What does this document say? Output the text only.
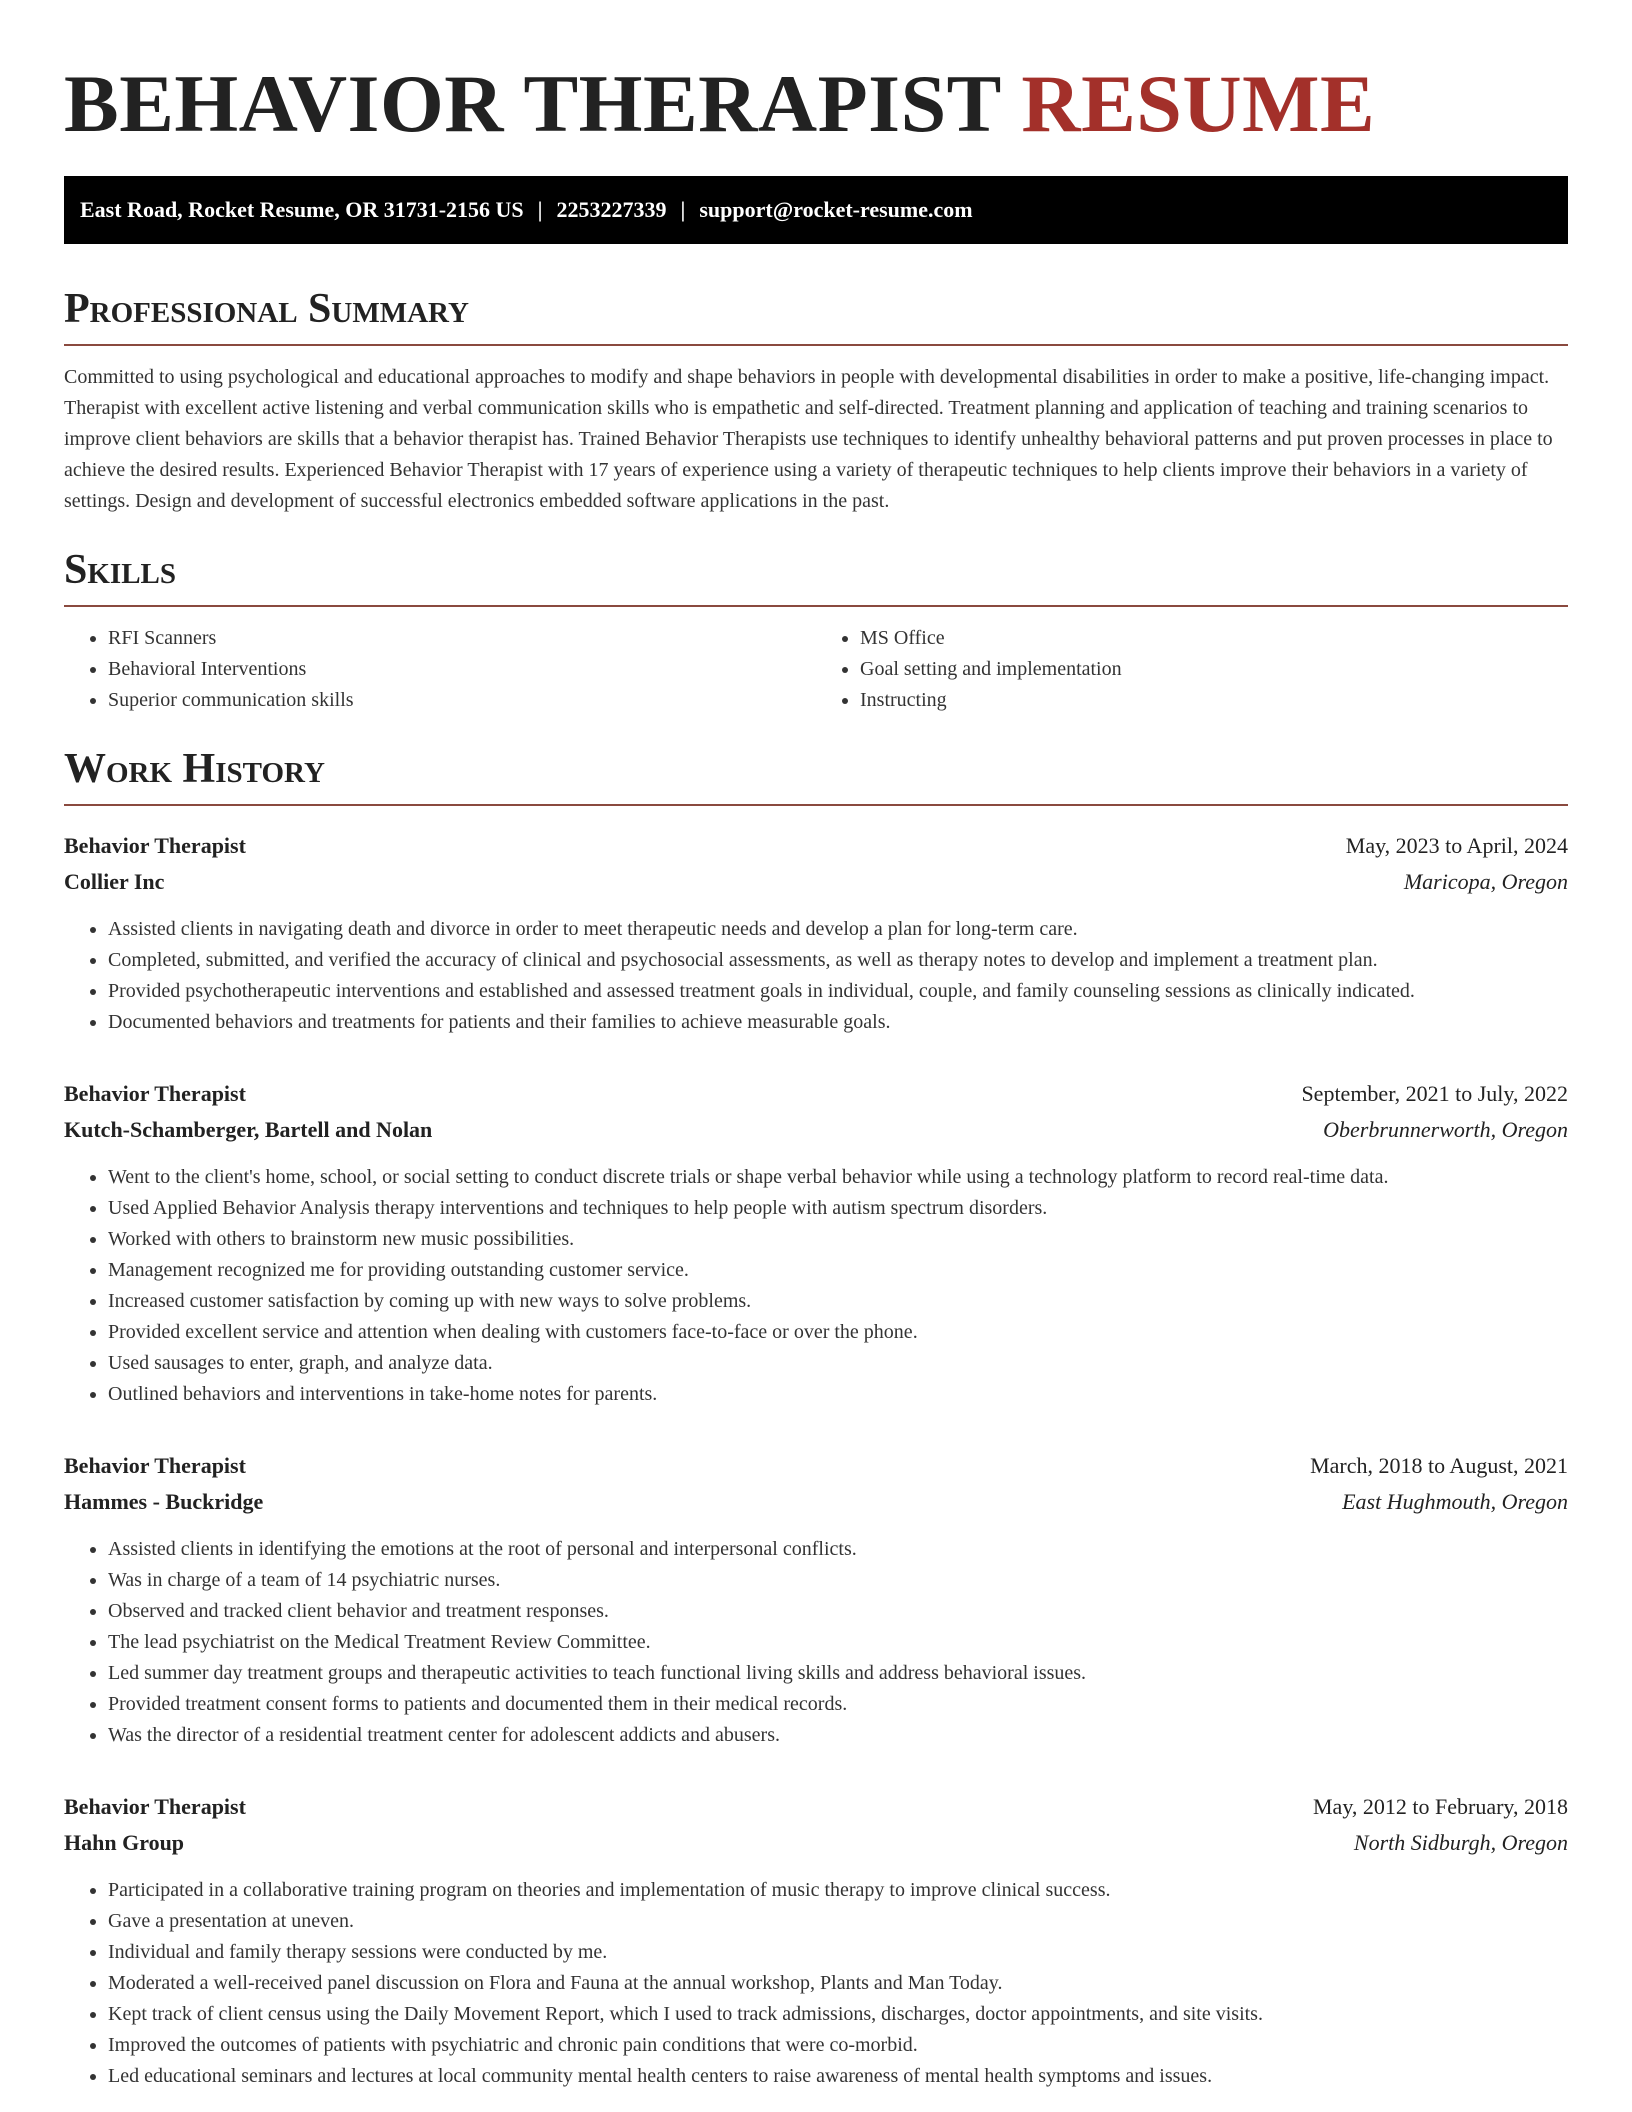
BEHAVIOR THERAPIST RESUME
East Road, Rocket Resume, OR 31731-2156 US | 2253227339 | support@rocket-resume.com
Professional Summary

Committed to using psychological and educational approaches to modify and shape behaviors in people with developmental disabilities in order to make a positive, life-changing impact. Therapist with excellent active listening and verbal communication skills who is empathetic and self-directed. Treatment planning and application of teaching and training scenarios to improve client behaviors are skills that a behavior therapist has. Trained Behavior Therapists use techniques to identify unhealthy behavioral patterns and put proven processes in place to achieve the desired results. Experienced Behavior Therapist with 17 years of experience using a variety of therapeutic techniques to help clients improve their behaviors in a variety of settings. Design and development of successful electronics embedded software applications in the past.

Skills
• RFI Scanners
• Behavioral Interventions
• Superior communication skills
• MS Office
• Goal setting and implementation
• Instructing
Work History
Behavior Therapist	May, 2023 to April, 2024
Collier Inc	Maricopa, Oregon
• Assisted clients in navigating death and divorce in order to meet therapeutic needs and develop a plan for long-term care.
• Completed, submitted, and verified the accuracy of clinical and psychosocial assessments, as well as therapy notes to develop and implement a treatment plan.
• Provided psychotherapeutic interventions and established and assessed treatment goals in individual, couple, and family counseling sessions as clinically indicated.
• Documented behaviors and treatments for patients and their families to achieve measurable goals.
Behavior Therapist	September, 2021 to July, 2022
Kutch-Schamberger, Bartell and Nolan	Oberbrunnerworth, Oregon
• Went to the client's home, school, or social setting to conduct discrete trials or shape verbal behavior while using a technology platform to record real-time data.
• Used Applied Behavior Analysis therapy interventions and techniques to help people with autism spectrum disorders.
• Worked with others to brainstorm new music possibilities.
• Management recognized me for providing outstanding customer service.
• Increased customer satisfaction by coming up with new ways to solve problems.
• Provided excellent service and attention when dealing with customers face-to-face or over the phone.
• Used sausages to enter, graph, and analyze data.
• Outlined behaviors and interventions in take-home notes for parents.
Behavior Therapist	March, 2018 to August, 2021
Hammes - Buckridge	East Hughmouth, Oregon
• Assisted clients in identifying the emotions at the root of personal and interpersonal conflicts.
• Was in charge of a team of 14 psychiatric nurses.
• Observed and tracked client behavior and treatment responses.
• The lead psychiatrist on the Medical Treatment Review Committee.
• Led summer day treatment groups and therapeutic activities to teach functional living skills and address behavioral issues.
• Provided treatment consent forms to patients and documented them in their medical records.
• Was the director of a residential treatment center for adolescent addicts and abusers.
Behavior Therapist	May, 2012 to February, 2018
Hahn Group	North Sidburgh, Oregon
• Participated in a collaborative training program on theories and implementation of music therapy to improve clinical success.
• Gave a presentation at uneven.
• Individual and family therapy sessions were conducted by me.
• Moderated a well-received panel discussion on Flora and Fauna at the annual workshop, Plants and Man Today.
• Kept track of client census using the Daily Movement Report, which I used to track admissions, discharges, doctor appointments, and site visits.
• Improved the outcomes of patients with psychiatric and chronic pain conditions that were co-morbid.
• Led educational seminars and lectures at local community mental health centers to raise awareness of mental health symptoms and issues.
